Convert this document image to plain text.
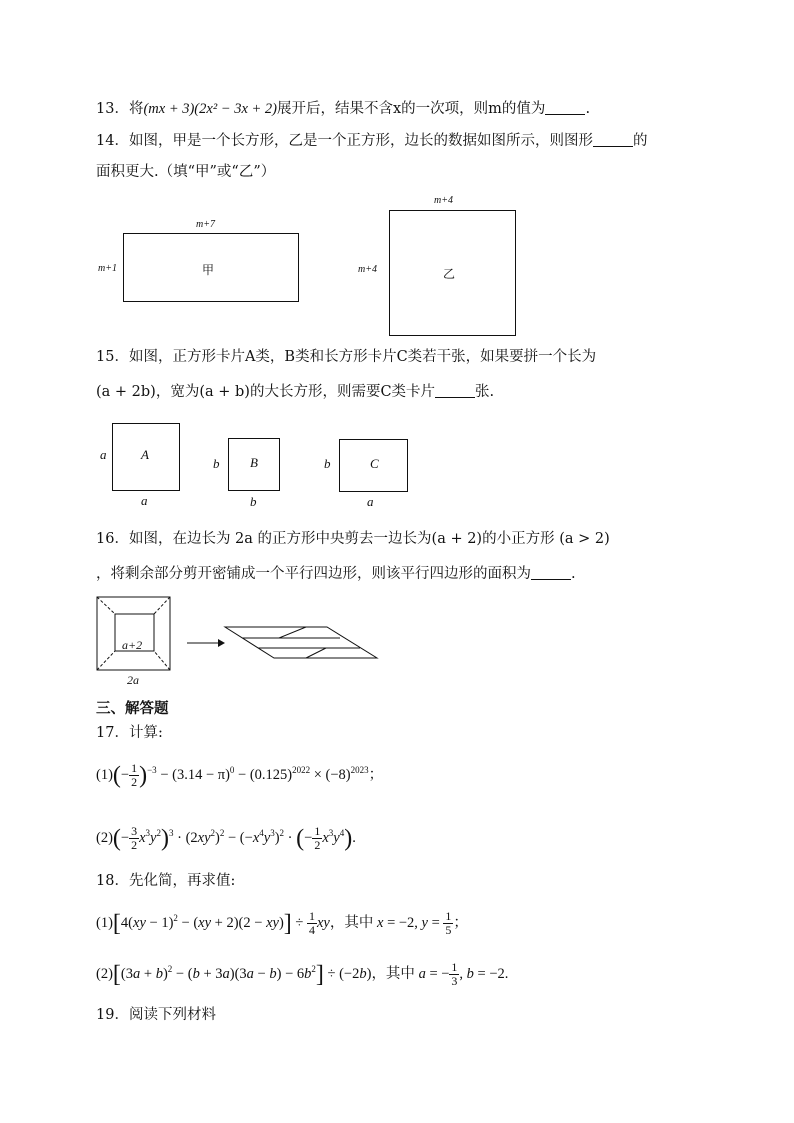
13．将(mx + 3)(2x² − 3x + 2)展开后，结果不含x的一次项，则m的值为	.
14．如图，甲是一个长方形，乙是一个正方形，边长的数据如图所示，则图形	的
面积更大.（填“甲”或“乙”）
m+7
m+1	甲
m+4
m+4	乙
15．如图，正方形卡片A类，B类和长方形卡片C类若干张，如果要拼一个长为
(a + 2b)，宽为(a + b)的大长方形，则需要C类卡片	张.
a	A
a
b B
b
b	C
a
16．如图，在边长为 2a 的正方形中央剪去一边长为(a + 2)的小正方形 (a > 2)
，将剩余部分剪开密铺成一个平行四边形，则该平行四边形的面积为	.
a+2
2a
三、解答题
17．计算:
$(1)(- \frac{1}{2} )^{-3} - (3.14 - \pi)^0 - (0.125)^{2022} \times (-8)^{2023}$；
$(2)(- \frac{3}{2} x^3y^2)^3 \cdot (2xy^2)^2 - (-x^4y^3)^2$ · (− $\frac{1}{2} x^3y^4$).
18．先化简，再求值:
$(1)[4(xy - 1)^2 - (xy + 2)(2 - xy)] \div \frac{1}{4}$ xy，其中 x = −2, $y = \frac{1}{5}$ ；
$(2)[(3a + b)^2 - (b + 3a)(3a - b) - 6b^2] \div (-2b)$，其中 a = − $\frac{1}{3}$ , b = −2.
19．阅读下列材料
